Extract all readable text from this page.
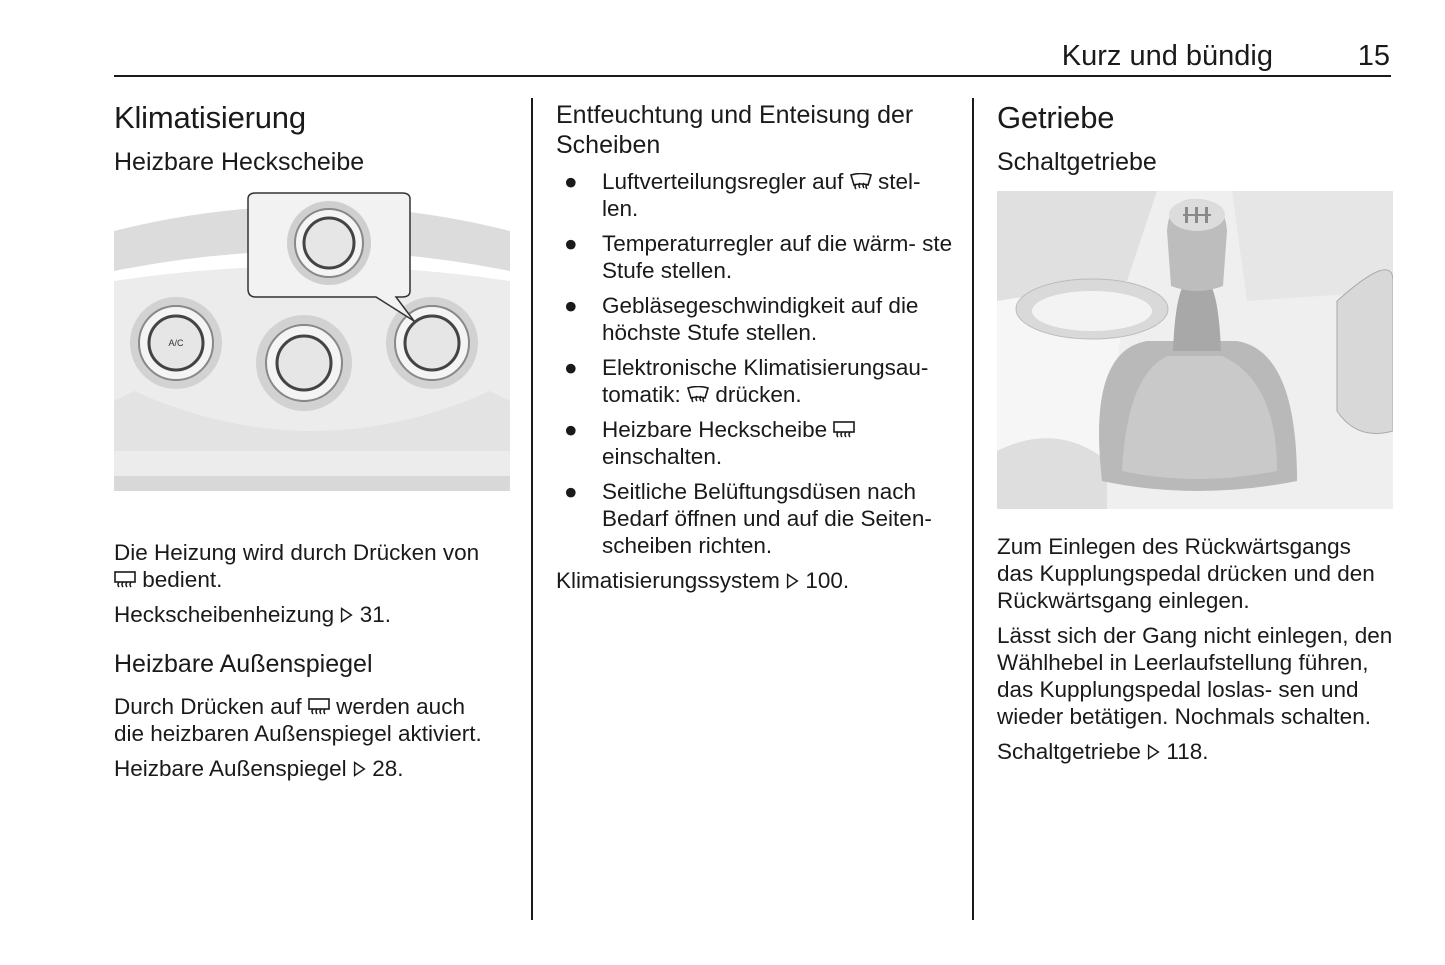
Kurz und bündig	15
Klimatisierung
Heizbare Heckscheibe
A/C

Die Heizung wird durch Drücken von
bedient.

Heckscheibenheizung 31.

Heizbare Außenspiegel

Durch Drücken auf werden auch
die heizbaren Außenspiegel aktiviert.

Heizbare Außenspiegel 28.

Entfeuchtung und Enteisung der Scheiben
● Luftverteilungsregler auf stel-
len.
● Temperaturregler auf die wärm- ste Stufe stellen.
● Gebläsegeschwindigkeit auf die höchste Stufe stellen.
● Elektronische Klimatisierungsau-
tomatik: drücken.
● Heizbare Heckscheibe
einschalten.
● Seitliche Belüftungsdüsen nach Bedarf öffnen und auf die Seiten- scheiben richten.

Klimatisierungssystem 100.

Getriebe
Schaltgetriebe

Zum Einlegen des Rückwärtsgangs das Kupplungspedal drücken und den Rückwärtsgang einlegen.

Lässt sich der Gang nicht einlegen, den Wählhebel in Leerlaufstellung führen, das Kupplungspedal loslas- sen und wieder betätigen. Nochmals schalten.

Schaltgetriebe 118.
